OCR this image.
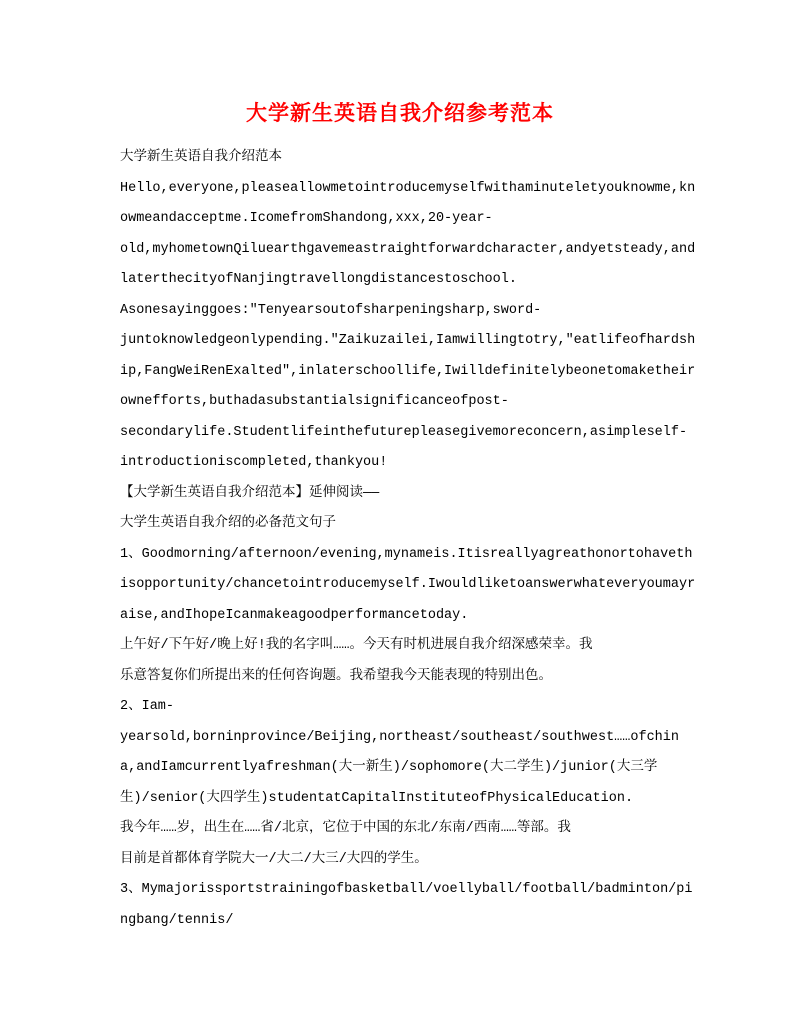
大学新生英语自我介绍参考范本
大学新生英语自我介绍范本
Hello,everyone,pleaseallowmetointroducemyselfwithaminuteletyouknowme,kn
owmeandacceptme.IcomefromShandong,xxx,20-year-
old,myhometownQiluearthgavemeastraightforwardcharacter,andyetsteady,and
laterthecityofNanjingtravellongdistancestoschool.
Asonesayinggoes:"Tenyearsoutofsharpeningsharp,sword-
juntoknowledgeonlypending."Zaikuzailei,Iamwillingtotry,"eatlifeofhardsh
ip,FangWeiRenExalted",inlaterschoollife,Iwilldefinitelybeonetomaketheir
ownefforts,buthadasubstantialsignificanceofpost-
secondarylife.Studentlifeinthefuturepleasegivemoreconcern,asimpleself-
introductioniscompleted,thankyou!
【大学新生英语自我介绍范本】延伸阅读——
大学生英语自我介绍的必备范文句子
1、Goodmorning/afternoon/evening,mynameis.Itisreallyagreathonortohaveth
isopportunity/chancetointroducemyself.Iwouldliketoanswerwhateveryoumayr
aise,andIhopeIcanmakeagoodperformancetoday.
上午好/下午好/晚上好!我的名字叫……。今天有时机进展自我介绍深感荣幸。我
乐意答复你们所提出来的任何咨询题。我希望我今天能表现的特别出色。
2、Iam-
yearsold,borninprovince/Beijing,northeast/southeast/southwest……ofchin
a,andIamcurrentlyafreshman(大一新生)/sophomore(大二学生)/junior(大三学
生)/senior(大四学生)studentatCapitalInstituteofPhysicalEducation.
我今年……岁，出生在……省/北京，它位于中国的东北/东南/西南……等部。我
目前是首都体育学院大一/大二/大三/大四的学生。
3、Mymajorissportstrainingofbasketball/voellyball/football/badminton/pi
ngbang/tennis/
